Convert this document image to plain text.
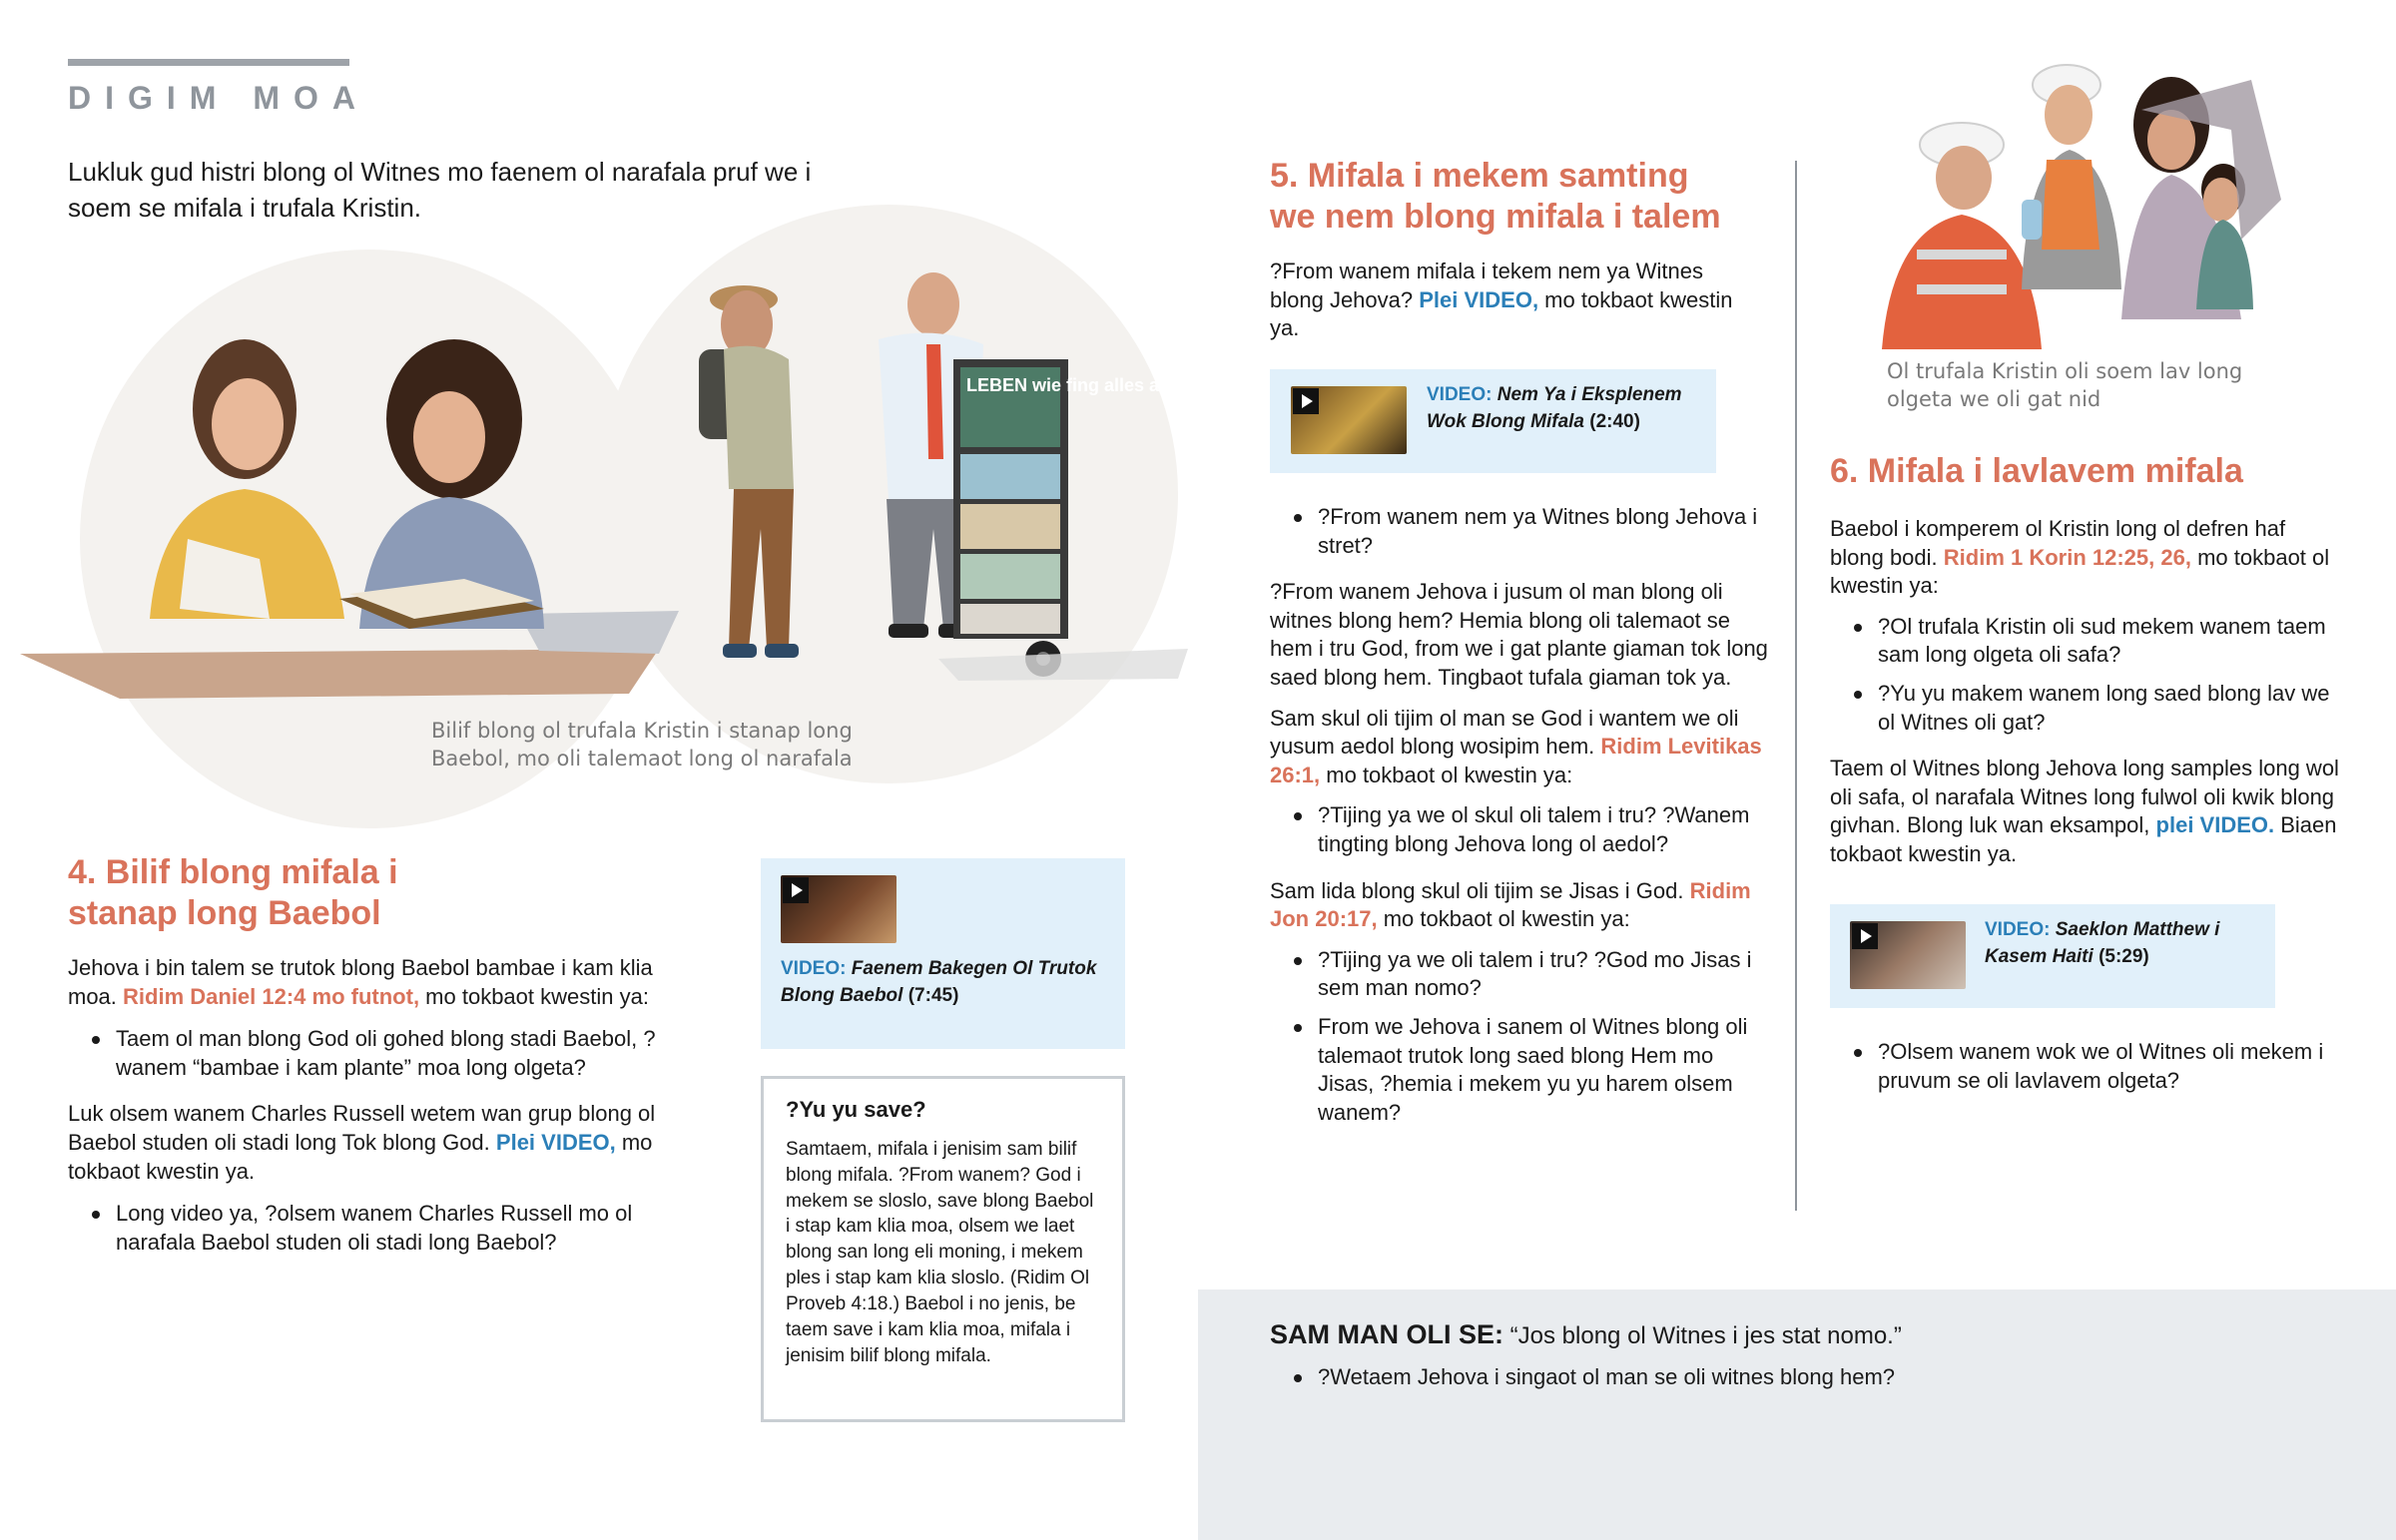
DIGIM MOA
Lukluk gud histri blong ol Witnes mo faenem ol narafala pruf we i soem se mifala i trufala Kristin.
LEBEN wie fing alles an?
Bilif blong ol trufala Kristin i stanap long Baebol, mo oli talemaot long ol narafala
4. Bilif blong mifala i stanap long Baebol

Jehova i bin talem se trutok blong Baebol bambae i kam klia moa. Ridim Daniel 12:4 mo futnot, mo tokbaot kwestin ya:

Taem ol man blong God oli gohed blong stadi Baebol, ?wanem “bambae i kam plante” moa long olgeta?

Luk olsem wanem Charles Russell wetem wan grup blong ol Baebol studen oli stadi long Tok blong God. Plei VIDEO, mo tokbaot kwestin ya.

Long video ya, ?olsem wanem Charles Russell mo ol narafala Baebol studen oli stadi long Baebol?
VIDEO: Faenem Bakegen Ol Trutok Blong Baebol (7:45)
?Yu yu save?
Samtaem, mifala i jenisim sam bilif blong mifala. ?From wanem? God i mekem se sloslo, save blong Baebol i stap kam klia moa, olsem we laet blong san long eli moning, i mekem ples i stap kam klia sloslo. (Ridim Ol Proveb 4:18.) Baebol i no jenis, be taem save i kam klia moa, mifala i jenisim bilif blong mifala.
5. Mifala i mekem samting we nem blong mifala i talem

?From wanem mifala i tekem nem ya Witnes blong Jehova? Plei VIDEO, mo tokbaot kwestin ya.

VIDEO: Nem Ya i Eksplenem Wok Blong Mifala (2:40)
?From wanem nem ya Witnes blong Jehova i stret?

?From wanem Jehova i jusum ol man blong oli witnes blong hem? Hemia blong oli talemaot se hem i tru God, from we i gat plante giaman tok long saed blong hem. Tingbaot tufala giaman tok ya.

Sam skul oli tijim ol man se God i wantem we oli yusum aedol blong wosipim hem. Ridim Levitikas 26:1, mo tokbaot ol kwestin ya:

?Tijing ya we ol skul oli talem i tru? ?Wanem tingting blong Jehova long ol aedol?

Sam lida blong skul oli tijim se Jisas i God. Ridim Jon 20:17, mo tokbaot ol kwestin ya:

?Tijing ya we oli talem i tru? ?God mo Jisas i sem man nomo?
From we Jehova i sanem ol Witnes blong oli talemaot trutok long saed blong Hem mo Jisas, ?hemia i mekem yu yu harem olsem wanem?
Ol trufala Kristin oli soem lav long olgeta we oli gat nid
6. Mifala i lavlavem mifala

Baebol i komperem ol Kristin long ol defren haf blong bodi. Ridim 1 Korin 12:25, 26, mo tokbaot ol kwestin ya:

?Ol trufala Kristin oli sud mekem wanem taem sam long olgeta oli safa?
?Yu yu makem wanem long saed blong lav we ol Witnes oli gat?

Taem ol Witnes blong Jehova long samples long wol oli safa, ol narafala Witnes long fulwol oli kwik blong givhan. Blong luk wan eksampol, plei VIDEO. Biaen tokbaot kwestin ya.

VIDEO: Saeklon Matthew i Kasem Haiti (5:29)
?Olsem wanem wok we ol Witnes oli mekem i pruvum se oli lavlavem olgeta?
SAM MAN OLI SE: “Jos blong ol Witnes i jes stat nomo.”
?Wetaem Jehova i singaot ol man se oli witnes blong hem?
